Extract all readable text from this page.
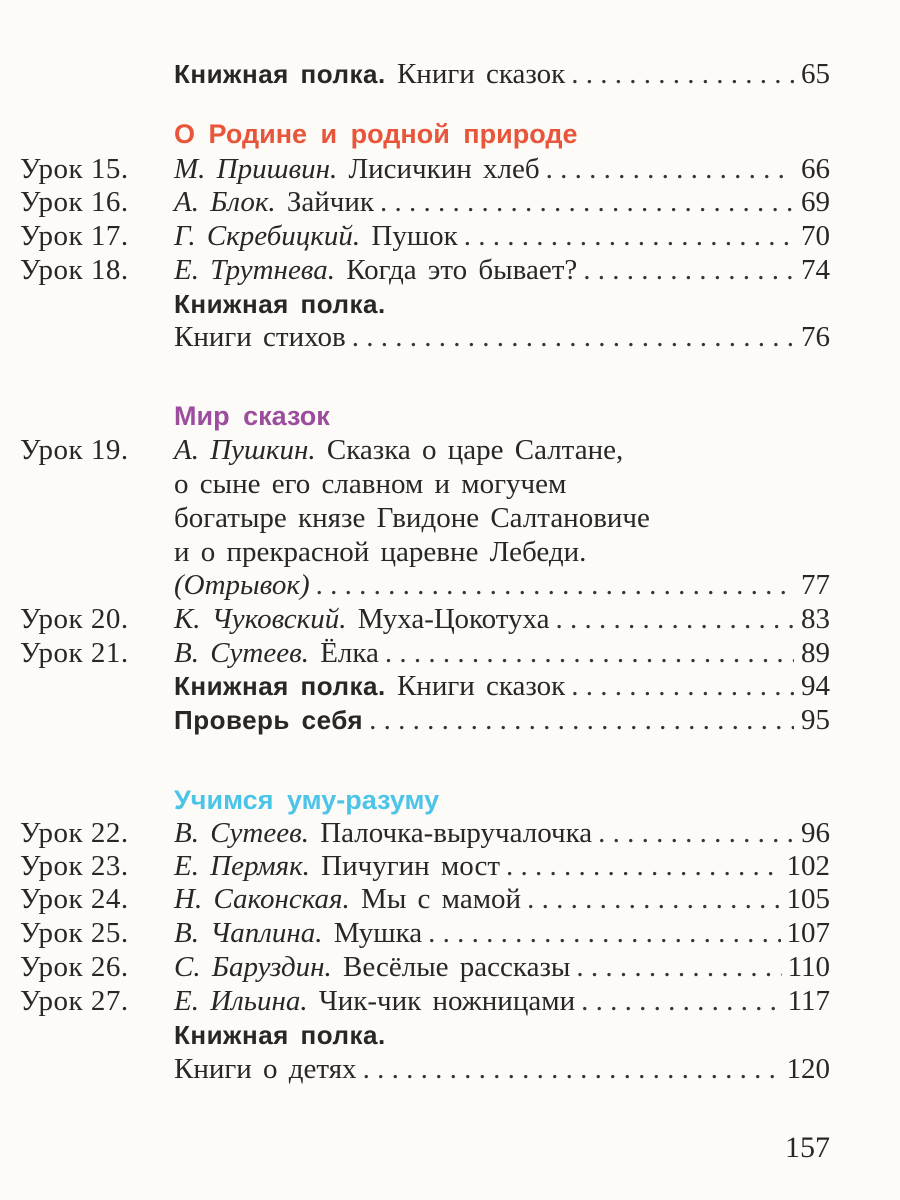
Книжная полка. Книги сказок . . .	65
О Родине и родной природе
Урок 15. М. Пришвин. Лисичкин хлеб . . .	66
Урок 16. А. Блок. Зайчик . . .	69
Урок 17. Г. Скребицкий. Пушок . . .	70
Урок 18. Е. Трутнева. Когда это бывает? . . .	74
Книжная полка.
Книги стихов . . .	76
Мир сказок
Урок 19. А. Пушкин. Сказка о царе Салтане,
о сыне его славном и могучем
богатыре князе Гвидоне Салтановиче
и о прекрасной царевне Лебеди.
(Отрывок) . . .	77
Урок 20. К. Чуковский. Муха-Цокотуха . . .	83
Урок 21. В. Сутеев. Ёлка . . .	89
Книжная полка. Книги сказок . . .	94
Проверь себя . . .	95
Учимся уму-разуму
Урок 22. В. Сутеев. Палочка-выручалочка . . .	96
Урок 23. Е. Пермяк. Пичугин мост . . .	102
Урок 24. Н. Саконская. Мы с мамой . . .	105
Урок 25. В. Чаплина. Мушка . . .	107
Урок 26. С. Баруздин. Весёлые рассказы . . .	110
Урок 27. Е. Ильина. Чик-чик ножницами . . .	117
Книжная полка.
Книги о детях . . .	120
157
